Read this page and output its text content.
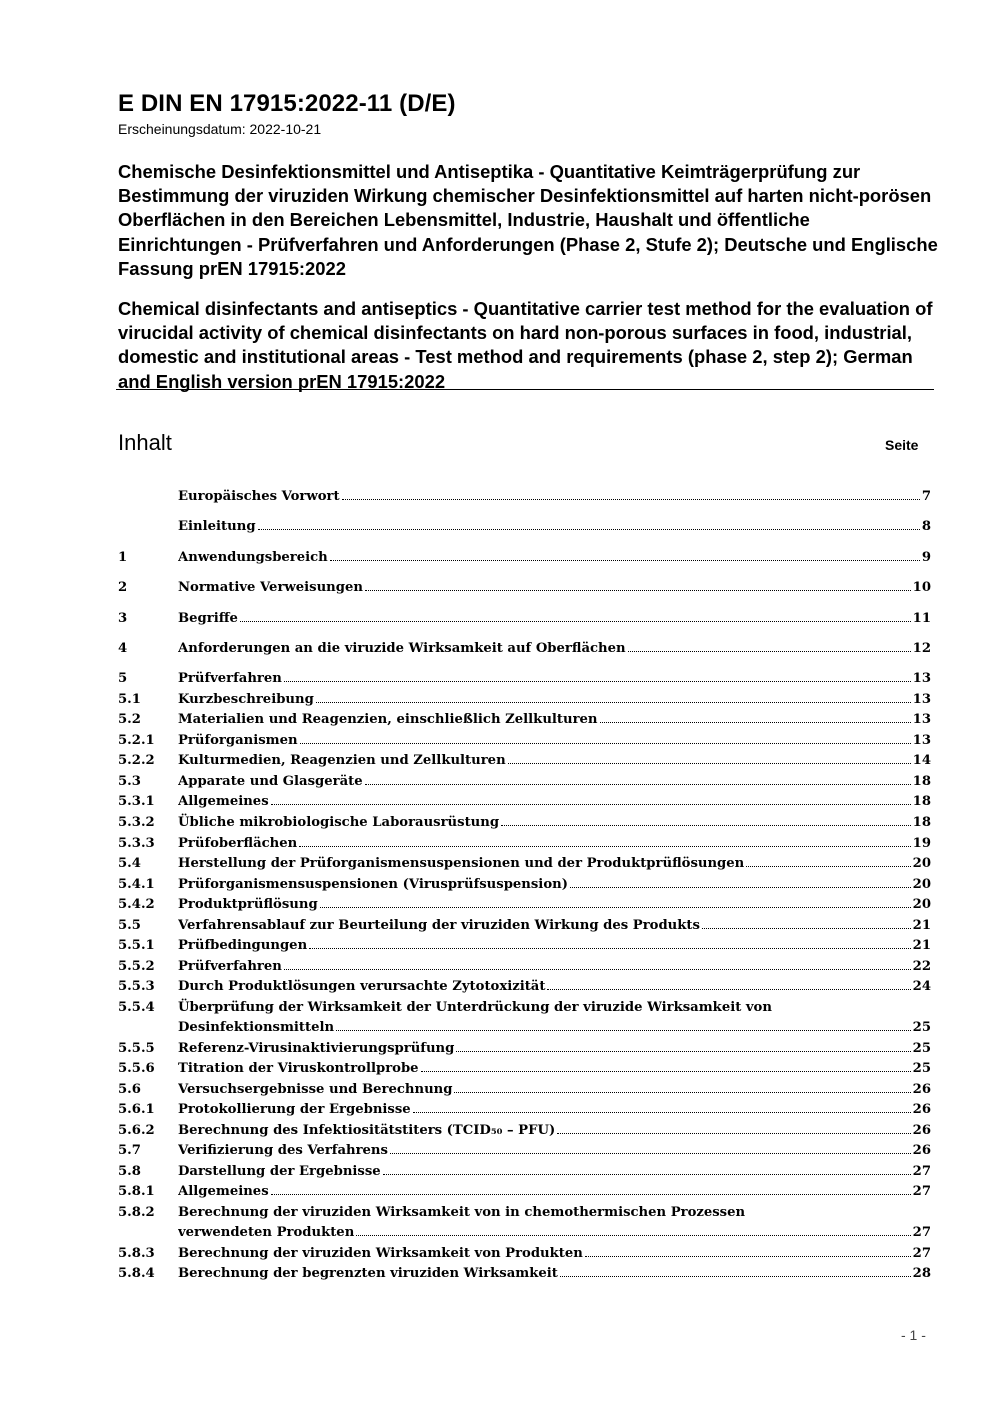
E DIN EN 17915:2022-11 (D/E)
Erscheinungsdatum: 2022-10-21

Chemische Desinfektionsmittel und Antiseptika - Quantitative Keimträgerprüfung zur Bestimmung der viruziden Wirkung chemischer Desinfektionsmittel auf harten nicht-porösen Oberflächen in den Bereichen Lebensmittel, Industrie, Haushalt und öffentliche Einrichtungen - Prüfverfahren und Anforderungen (Phase 2, Stufe 2); Deutsche und Englische Fassung prEN 17915:2022

Chemical disinfectants and antiseptics - Quantitative carrier test method for the evaluation of virucidal activity of chemical disinfectants on hard non-porous surfaces in food, industrial, domestic and institutional areas - Test method and requirements (phase 2, step 2); German and English version prEN 17915:2022

Inhalt	Seite
Europäisches Vorwort	7
Einleitung	8
1	Anwendungsbereich	9
2	Normative Verweisungen	10
3	Begriffe	11
4	Anforderungen an die viruzide Wirksamkeit auf Oberflächen	12
5	Prüfverfahren	13
5.1	Kurzbeschreibung	13
5.2	Materialien und Reagenzien, einschließlich Zellkulturen	13
5.2.1	Prüforganismen	13
5.2.2	Kulturmedien, Reagenzien und Zellkulturen	14
5.3	Apparate und Glasgeräte	18
5.3.1	Allgemeines	18
5.3.2	Übliche mikrobiologische Laborausrüstung	18
5.3.3	Prüfoberflächen	19
5.4	Herstellung der Prüforganismensuspensionen und der Produktprüflösungen	20
5.4.1	Prüforganismensuspensionen (Virusprüfsuspension)	20
5.4.2	Produktprüflösung	20
5.5	Verfahrensablauf zur Beurteilung der viruziden Wirkung des Produkts	21
5.5.1	Prüfbedingungen	21
5.5.2	Prüfverfahren	22
5.5.3	Durch Produktlösungen verursachte Zytotoxizität	24
5.5.4	Überprüfung der Wirksamkeit der Unterdrückung der viruzide Wirksamkeit von
Desinfektionsmitteln	25
5.5.5	Referenz-Virusinaktivierungsprüfung	25
5.5.6	Titration der Viruskontrollprobe	25
5.6	Versuchsergebnisse und Berechnung	26
5.6.1	Protokollierung der Ergebnisse	26
5.6.2	Berechnung des Infektiositätstiters (TCID₅₀ – PFU)	26
5.7	Verifizierung des Verfahrens	26
5.8	Darstellung der Ergebnisse	27
5.8.1	Allgemeines	27
5.8.2	Berechnung der viruziden Wirksamkeit von in chemothermischen Prozessen
verwendeten Produkten	27
5.8.3	Berechnung der viruziden Wirksamkeit von Produkten	27
5.8.4	Berechnung der begrenzten viruziden Wirksamkeit	28
- 1 -
